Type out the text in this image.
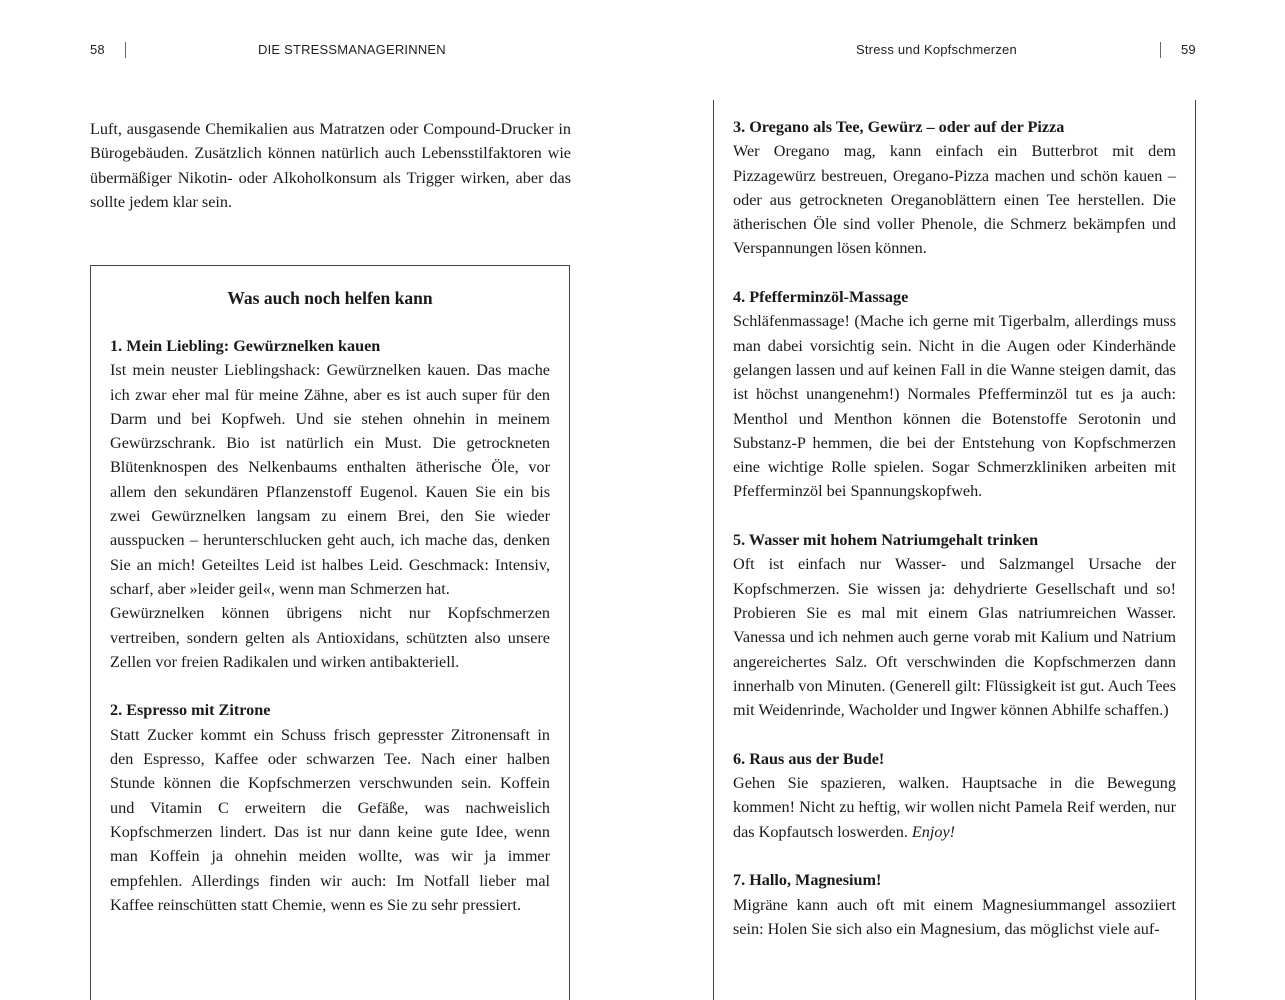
58	DIE STRESSMANAGERINNEN	Stress und Kopfschmerzen	59

Luft, ausgasende Chemikalien aus Matratzen oder Compound-Drucker in Bürogebäuden. Zusätzlich können natürlich auch Lebensstilfaktoren wie übermäßiger Nikotin- oder Alkoholkonsum als Trigger wirken, aber das sollte jedem klar sein.

Was auch noch helfen kann
1. Mein Liebling: Gewürznelken kauen

Ist mein neuster Lieblingshack: Gewürznelken kauen. Das mache ich zwar eher mal für meine Zähne, aber es ist auch super für den Darm und bei Kopfweh. Und sie stehen ohnehin in meinem Gewürzschrank. Bio ist natürlich ein Must. Die getrockneten Blütenknospen des Nelkenbaums enthalten ätherische Öle, vor allem den sekundären Pflanzenstoff Eugenol. Kauen Sie ein bis zwei Gewürznelken langsam zu einem Brei, den Sie wieder ausspucken – herunterschlucken geht auch, ich mache das, denken Sie an mich! Geteiltes Leid ist halbes Leid. Geschmack: Intensiv, scharf, aber »leider geil«, wenn man Schmerzen hat.

Gewürznelken können übrigens nicht nur Kopfschmerzen vertreiben, sondern gelten als Antioxidans, schützten also unsere Zellen vor freien Radikalen und wirken antibakteriell.

2. Espresso mit Zitrone

Statt Zucker kommt ein Schuss frisch gepresster Zitronensaft in den Espresso, Kaffee oder schwarzen Tee. Nach einer halben Stunde können die Kopfschmerzen verschwunden sein. Koffein und Vitamin C erweitern die Gefäße, was nachweislich Kopfschmerzen lindert. Das ist nur dann keine gute Idee, wenn man Koffein ja ohnehin meiden wollte, was wir ja immer empfehlen. Allerdings finden wir auch: Im Notfall lieber mal Kaffee reinschütten statt Chemie, wenn es Sie zu sehr pressiert.

3. Oregano als Tee, Gewürz – oder auf der Pizza

Wer Oregano mag, kann einfach ein Butterbrot mit dem Pizzagewürz bestreuen, Oregano-Pizza machen und schön kauen – oder aus getrockneten Oreganoblättern einen Tee herstellen. Die ätherischen Öle sind voller Phenole, die Schmerz bekämpfen und Verspannungen lösen können.

4. Pfefferminzöl-Massage

Schläfenmassage! (Mache ich gerne mit Tigerbalm, allerdings muss man dabei vorsichtig sein. Nicht in die Augen oder Kinderhände gelangen lassen und auf keinen Fall in die Wanne steigen damit, das ist höchst unangenehm!) Normales Pfefferminzöl tut es ja auch: Menthol und Menthon können die Botenstoffe Serotonin und Substanz-P hemmen, die bei der Entstehung von Kopfschmerzen eine wichtige Rolle spielen. Sogar Schmerzkliniken arbeiten mit Pfefferminzöl bei Spannungskopfweh.

5. Wasser mit hohem Natriumgehalt trinken

Oft ist einfach nur Wasser- und Salzmangel Ursache der Kopfschmerzen. Sie wissen ja: dehydrierte Gesellschaft und so! Probieren Sie es mal mit einem Glas natriumreichen Wasser. Vanessa und ich nehmen auch gerne vorab mit Kalium und Natrium angereichertes Salz. Oft verschwinden die Kopfschmerzen dann innerhalb von Minuten. (Generell gilt: Flüssigkeit ist gut. Auch Tees mit Weidenrinde, Wacholder und Ingwer können Abhilfe schaffen.)

6. Raus aus der Bude!

Gehen Sie spazieren, walken. Hauptsache in die Bewegung kommen! Nicht zu heftig, wir wollen nicht Pamela Reif werden, nur das Kopfautsch loswerden. Enjoy!

7. Hallo, Magnesium!

Migräne kann auch oft mit einem Magnesiummangel assoziiert sein: Holen Sie sich also ein Magnesium, das möglichst viele auf-
